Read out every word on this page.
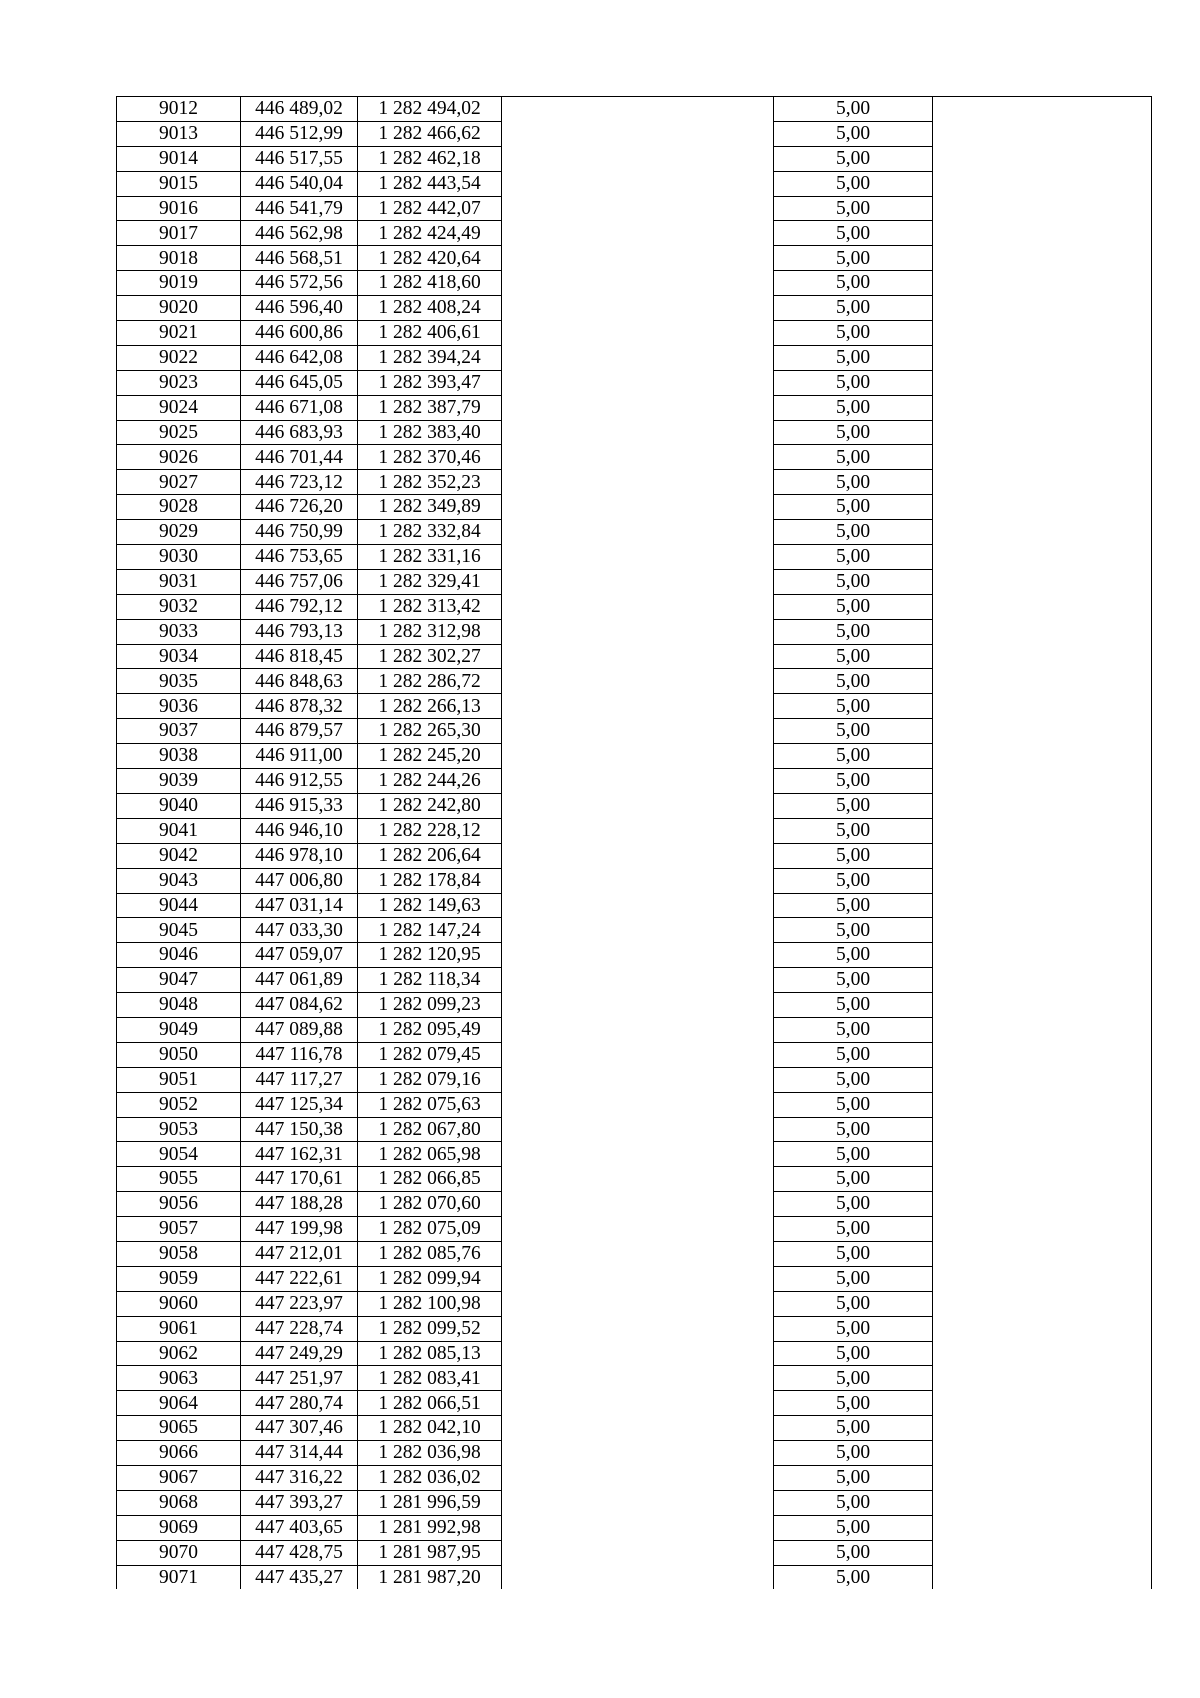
9012	446 489,02	1 282 494,02		5,00	
9013	446 512,99	1 282 466,62		5,00	
9014	446 517,55	1 282 462,18		5,00	
9015	446 540,04	1 282 443,54		5,00	
9016	446 541,79	1 282 442,07		5,00	
9017	446 562,98	1 282 424,49		5,00	
9018	446 568,51	1 282 420,64		5,00	
9019	446 572,56	1 282 418,60		5,00	
9020	446 596,40	1 282 408,24		5,00	
9021	446 600,86	1 282 406,61		5,00	
9022	446 642,08	1 282 394,24		5,00	
9023	446 645,05	1 282 393,47		5,00	
9024	446 671,08	1 282 387,79		5,00	
9025	446 683,93	1 282 383,40		5,00	
9026	446 701,44	1 282 370,46		5,00	
9027	446 723,12	1 282 352,23		5,00	
9028	446 726,20	1 282 349,89		5,00	
9029	446 750,99	1 282 332,84		5,00	
9030	446 753,65	1 282 331,16		5,00	
9031	446 757,06	1 282 329,41		5,00	
9032	446 792,12	1 282 313,42		5,00	
9033	446 793,13	1 282 312,98		5,00	
9034	446 818,45	1 282 302,27		5,00	
9035	446 848,63	1 282 286,72		5,00	
9036	446 878,32	1 282 266,13		5,00	
9037	446 879,57	1 282 265,30		5,00	
9038	446 911,00	1 282 245,20		5,00	
9039	446 912,55	1 282 244,26		5,00	
9040	446 915,33	1 282 242,80		5,00	
9041	446 946,10	1 282 228,12		5,00	
9042	446 978,10	1 282 206,64		5,00	
9043	447 006,80	1 282 178,84		5,00	
9044	447 031,14	1 282 149,63		5,00	
9045	447 033,30	1 282 147,24		5,00	
9046	447 059,07	1 282 120,95		5,00	
9047	447 061,89	1 282 118,34		5,00	
9048	447 084,62	1 282 099,23		5,00	
9049	447 089,88	1 282 095,49		5,00	
9050	447 116,78	1 282 079,45		5,00	
9051	447 117,27	1 282 079,16		5,00	
9052	447 125,34	1 282 075,63		5,00	
9053	447 150,38	1 282 067,80		5,00	
9054	447 162,31	1 282 065,98		5,00	
9055	447 170,61	1 282 066,85		5,00	
9056	447 188,28	1 282 070,60		5,00	
9057	447 199,98	1 282 075,09		5,00	
9058	447 212,01	1 282 085,76		5,00	
9059	447 222,61	1 282 099,94		5,00	
9060	447 223,97	1 282 100,98		5,00	
9061	447 228,74	1 282 099,52		5,00	
9062	447 249,29	1 282 085,13		5,00	
9063	447 251,97	1 282 083,41		5,00	
9064	447 280,74	1 282 066,51		5,00	
9065	447 307,46	1 282 042,10		5,00	
9066	447 314,44	1 282 036,98		5,00	
9067	447 316,22	1 282 036,02		5,00	
9068	447 393,27	1 281 996,59		5,00	
9069	447 403,65	1 281 992,98		5,00	
9070	447 428,75	1 281 987,95		5,00	
9071	447 435,27	1 281 987,20		5,00	
